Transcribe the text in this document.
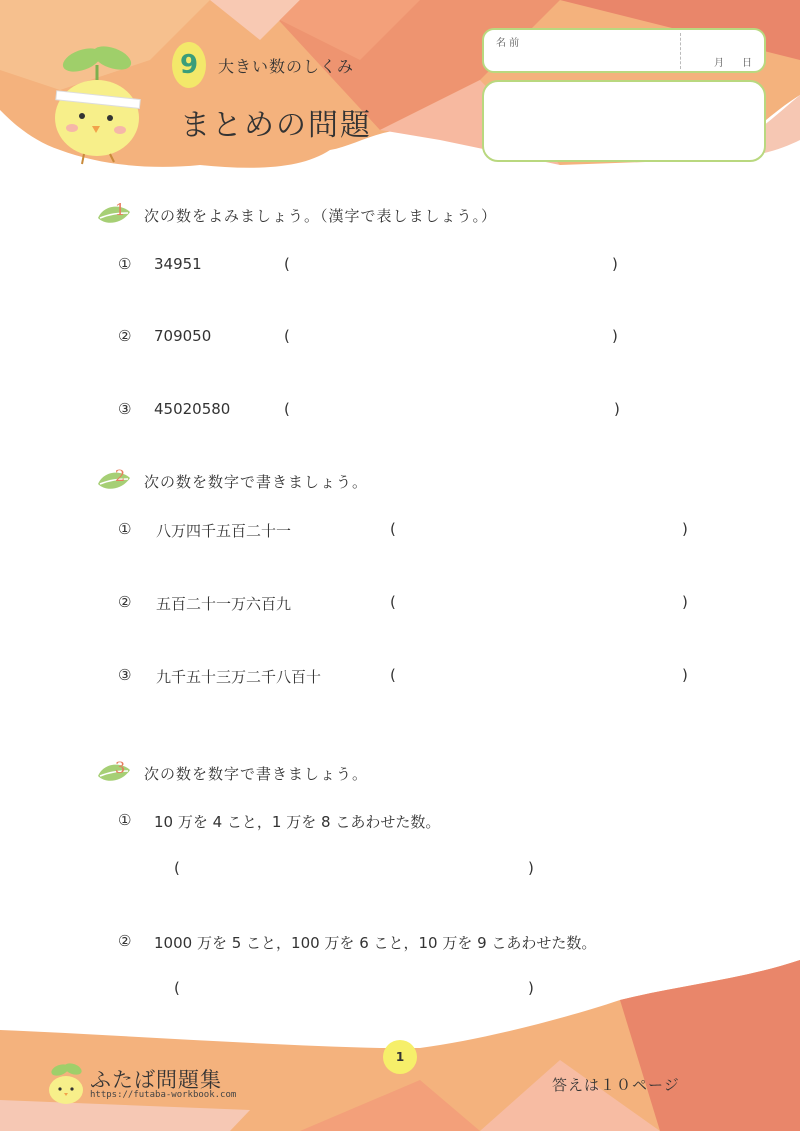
9	大きい数のしくみ
まとめの問題
名 前
月 日
1 次の数をよみましょう。（漢字で表しましょう。）
① 34951	(	)
② 709050	(	)
③ 45020580	(	)
2 次の数を数字で書きましょう。
① 八万四千五百二十一	(	)
② 五百二十一万六百九	(	)
③ 九千五十三万二千八百十	(	)
3 次の数を数字で書きましょう。
① 10 万を 4 こと，1 万を 8 こあわせた数。
(	)
② 1000 万を 5 こと，100 万を 6 こと，10 万を 9 こあわせた数。
(	)
1
ふたば問題集
https://futaba-workbook.com
答えは１０ページ
